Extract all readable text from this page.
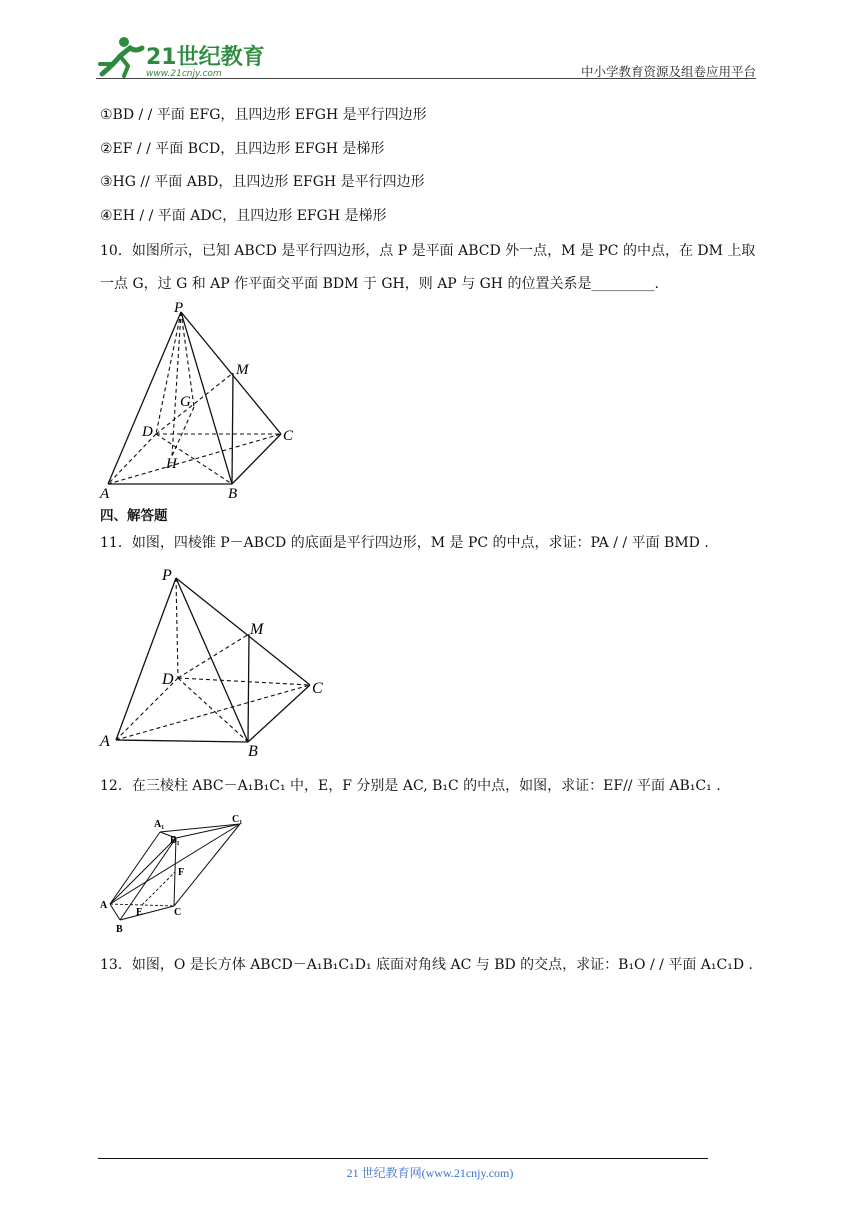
21世纪教育
www.21cnjy.com	中小学教育资源及组卷应用平台
①BD / / 平面 EFG，且四边形 EFGH 是平行四边形
②EF / / 平面 BCD，且四边形 EFGH 是梯形
③HG // 平面 ABD，且四边形 EFGH 是平行四边形
④EH / / 平面 ADC，且四边形 EFGH 是梯形
10．如图所示，已知 ABCD 是平行四边形，点 P 是平面 ABCD 外一点，M 是 PC 的中点，在 DM 上取
一点 G，过 G 和 AP 作平面交平面 BDM 于 GH，则 AP 与 GH 的位置关系是_________.
P
M
G
D	C
H
A	B
四、解答题
11．如图，四棱锥 P－ABCD 的底面是平行四边形，M 是 PC 的中点，求证：PA / / 平面 BMD .
P
M
D
C
A
B
12．在三棱柱 ABC－A₁B₁C₁ 中，E，F 分别是 AC, B₁C 的中点，如图，求证：EF// 平面 AB₁C₁ .
A₁
B₁
C₁
F
A
E	C
B
13．如图，O 是长方体 ABCD－A₁B₁C₁D₁ 底面对角线 AC 与 BD 的交点，求证：B₁O / / 平面 A₁C₁D .
21 世纪教育网(www.21cnjy.com)
